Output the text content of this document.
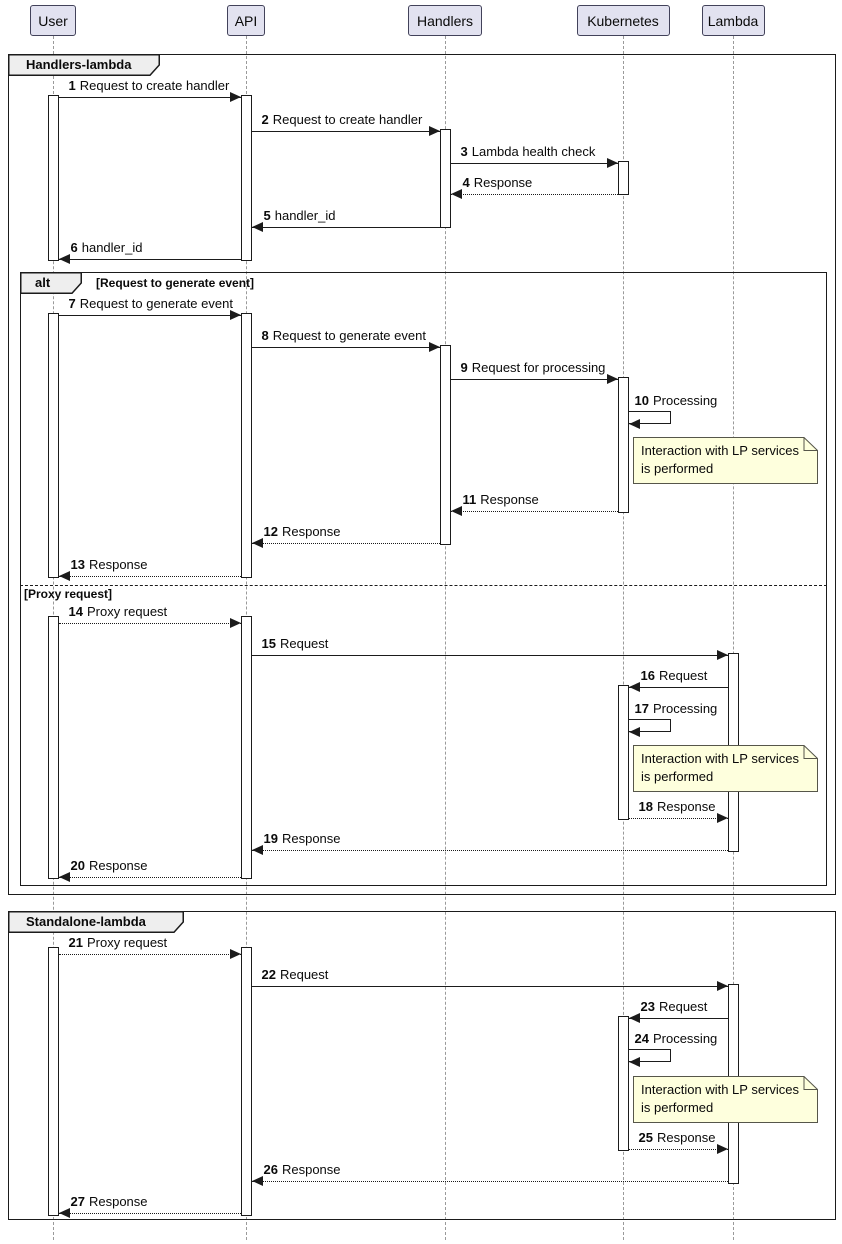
User	API	Handlers	Kubernetes	Lambda
Handlers-lambda
alt	[Request to generate event]
Standalone-lambda
[Proxy request]
1 Request to create handler
2 Request to create handler
3 Lambda health check
4 Response
5 handler_id
6 handler_id
7 Request to generate event
8 Request to generate event
9 Request for processing
10 Processing
11 Response
12 Response
13 Response
14 Proxy request
15 Request
16 Request
17 Processing
18 Response
19 Response
20 Response
21 Proxy request
22 Request
23 Request
24 Processing
25 Response
26 Response
27 Response
Interaction with LP services
is performed
Interaction with LP services
is performed
Interaction with LP services
is performed
